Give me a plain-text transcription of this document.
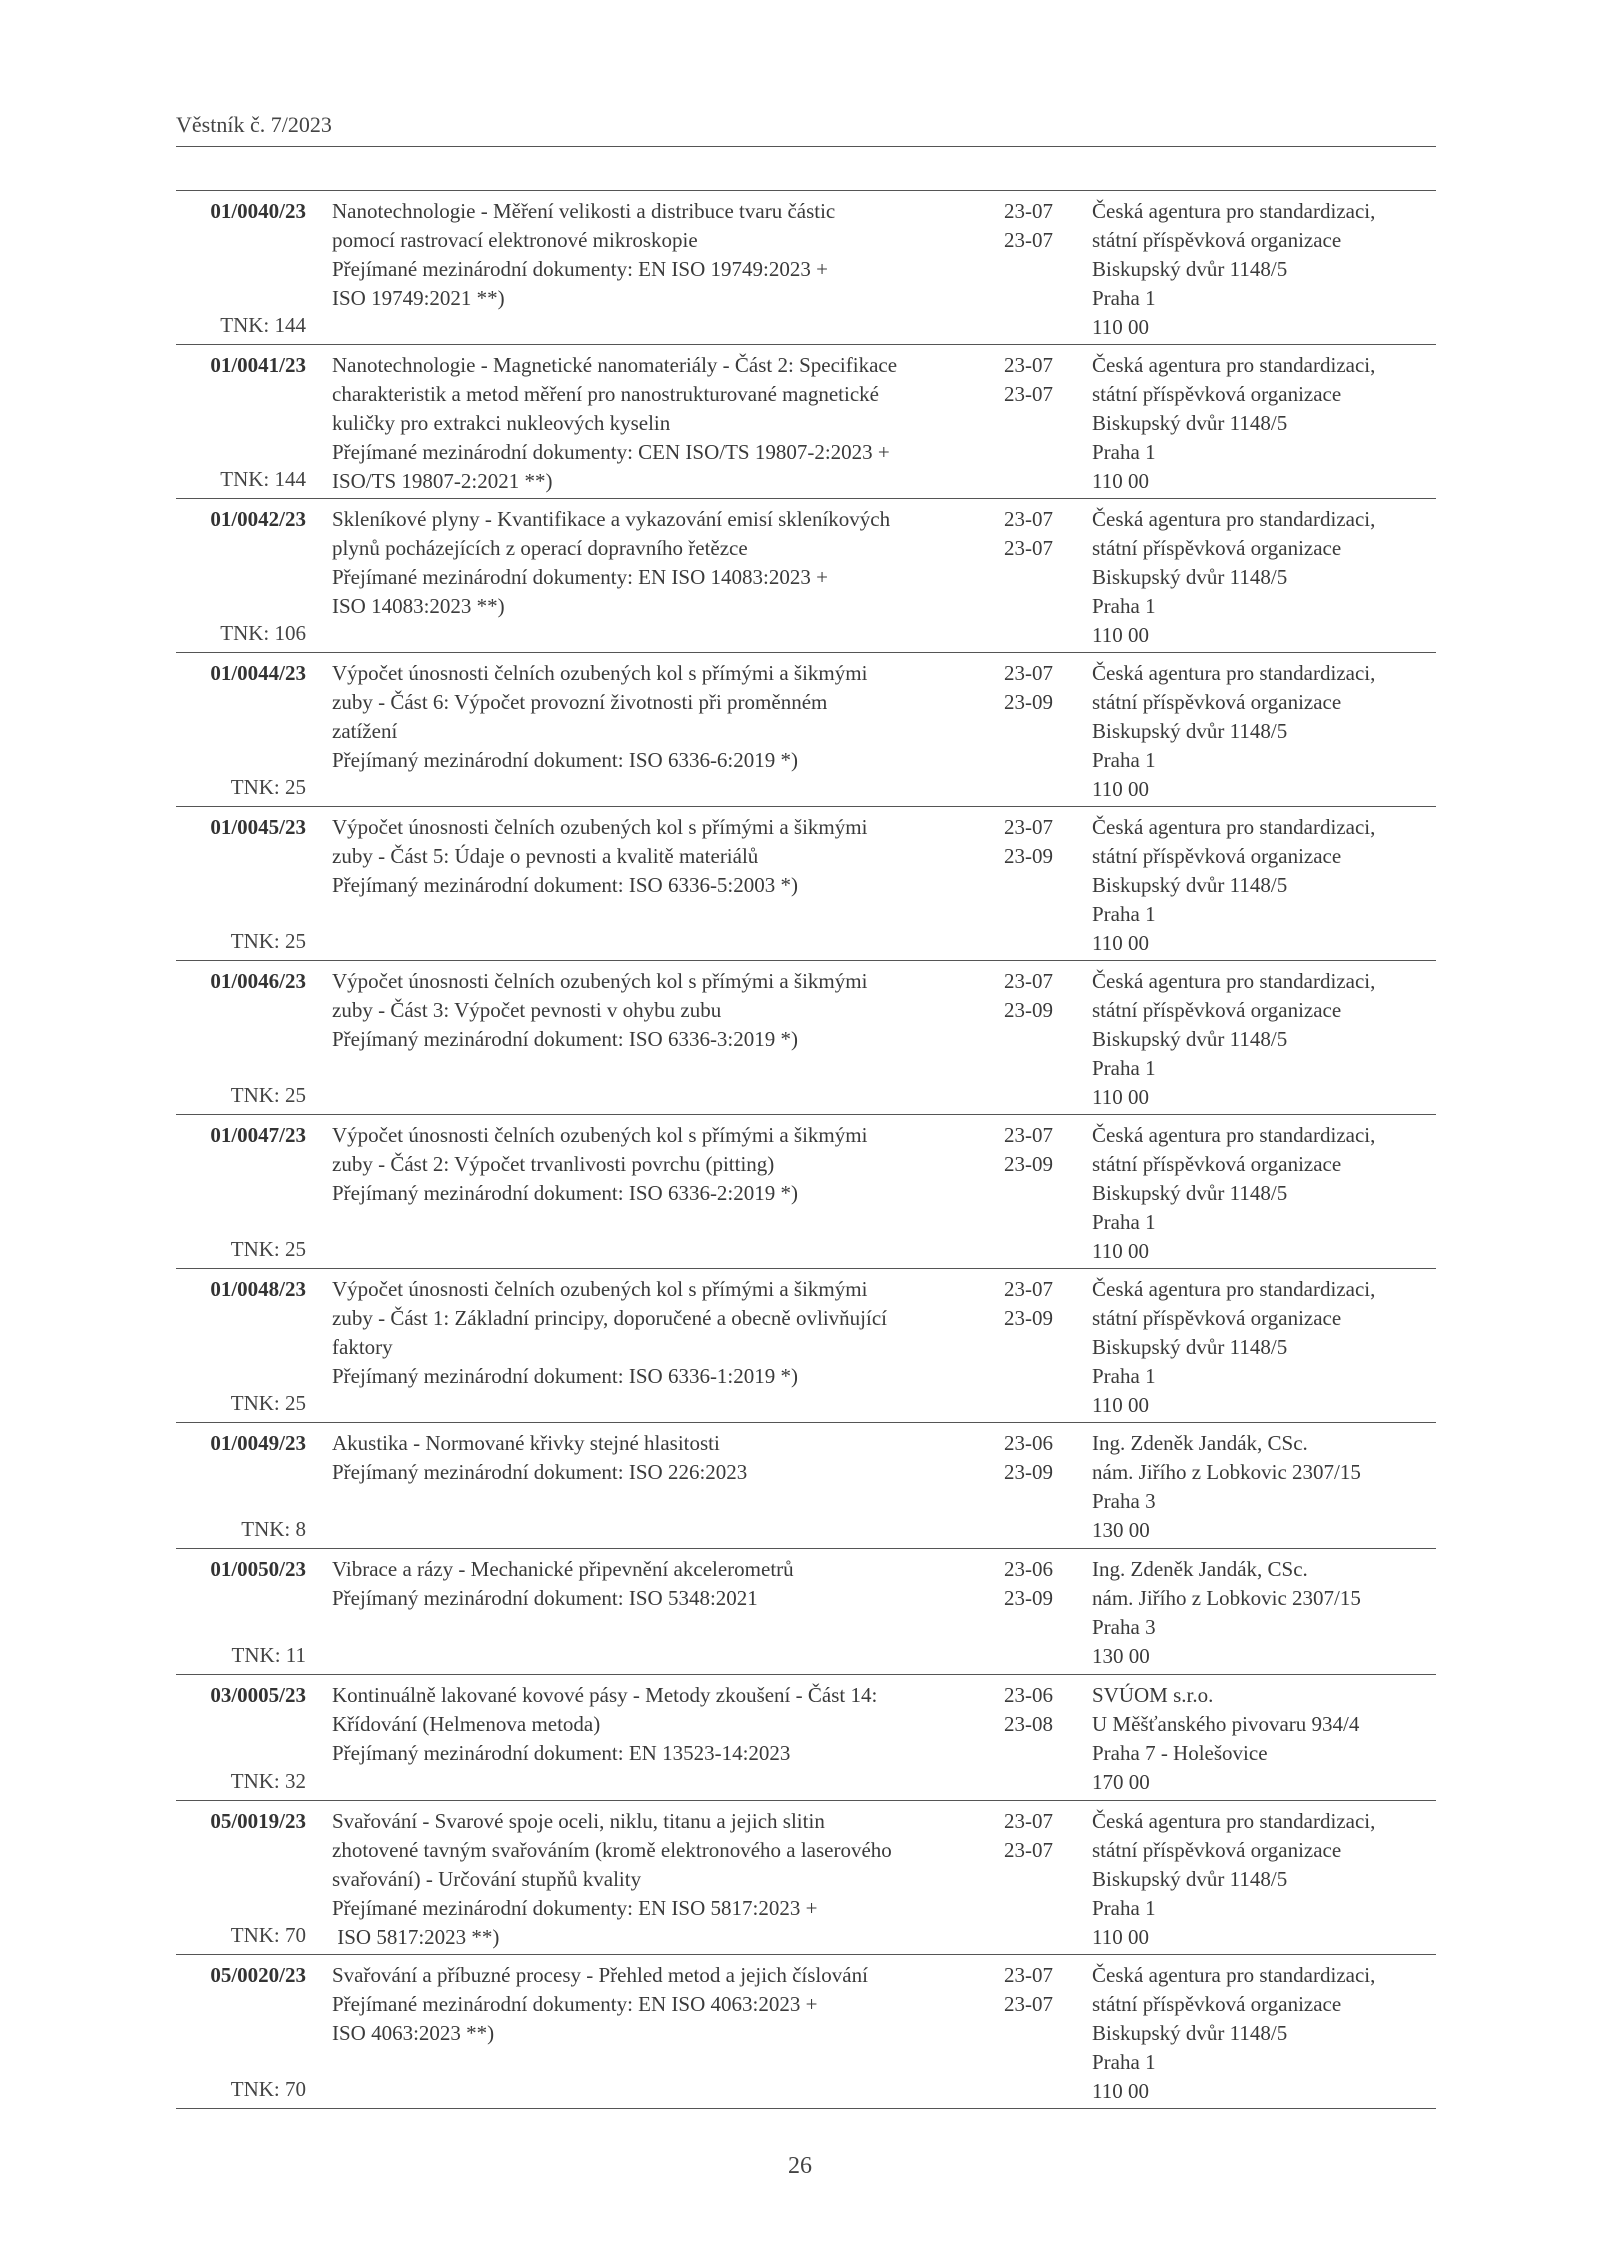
Věstník č. 7/2023
01/0040/23
TNK: 144
Nanotechnologie - Měření velikosti a distribuce tvaru částic
pomocí rastrovací elektronové mikroskopie
Přejímané mezinárodní dokumenty: EN ISO 19749:2023 +
ISO 19749:2021 **)
23-07
23-07
Česká agentura pro standardizaci,
státní příspěvková organizace
Biskupský dvůr 1148/5
Praha 1
110 00
01/0041/23
TNK: 144
Nanotechnologie - Magnetické nanomateriály - Část 2: Specifikace
charakteristik a metod měření pro nanostrukturované magnetické
kuličky pro extrakci nukleových kyselin
Přejímané mezinárodní dokumenty: CEN ISO/TS 19807-2:2023 +
ISO/TS 19807-2:2021 **)
23-07
23-07
Česká agentura pro standardizaci,
státní příspěvková organizace
Biskupský dvůr 1148/5
Praha 1
110 00
01/0042/23
TNK: 106
Skleníkové plyny - Kvantifikace a vykazování emisí skleníkových
plynů pocházejících z operací dopravního řetězce
Přejímané mezinárodní dokumenty: EN ISO 14083:2023 +
ISO 14083:2023 **)
23-07
23-07
Česká agentura pro standardizaci,
státní příspěvková organizace
Biskupský dvůr 1148/5
Praha 1
110 00
01/0044/23
TNK: 25
Výpočet únosnosti čelních ozubených kol s přímými a šikmými
zuby - Část 6: Výpočet provozní životnosti při proměnném
zatížení
Přejímaný mezinárodní dokument: ISO 6336-6:2019 *)
23-07
23-09
Česká agentura pro standardizaci,
státní příspěvková organizace
Biskupský dvůr 1148/5
Praha 1
110 00
01/0045/23
TNK: 25
Výpočet únosnosti čelních ozubených kol s přímými a šikmými
zuby - Část 5: Údaje o pevnosti a kvalitě materiálů
Přejímaný mezinárodní dokument: ISO 6336-5:2003 *)
23-07
23-09
Česká agentura pro standardizaci,
státní příspěvková organizace
Biskupský dvůr 1148/5
Praha 1
110 00
01/0046/23
TNK: 25
Výpočet únosnosti čelních ozubených kol s přímými a šikmými
zuby - Část 3: Výpočet pevnosti v ohybu zubu
Přejímaný mezinárodní dokument: ISO 6336-3:2019 *)
23-07
23-09
Česká agentura pro standardizaci,
státní příspěvková organizace
Biskupský dvůr 1148/5
Praha 1
110 00
01/0047/23
TNK: 25
Výpočet únosnosti čelních ozubených kol s přímými a šikmými
zuby - Část 2: Výpočet trvanlivosti povrchu (pitting)
Přejímaný mezinárodní dokument: ISO 6336-2:2019 *)
23-07
23-09
Česká agentura pro standardizaci,
státní příspěvková organizace
Biskupský dvůr 1148/5
Praha 1
110 00
01/0048/23
TNK: 25
Výpočet únosnosti čelních ozubených kol s přímými a šikmými
zuby - Část 1: Základní principy, doporučené a obecně ovlivňující
faktory
Přejímaný mezinárodní dokument: ISO 6336-1:2019 *)
23-07
23-09
Česká agentura pro standardizaci,
státní příspěvková organizace
Biskupský dvůr 1148/5
Praha 1
110 00
01/0049/23
TNK: 8
Akustika - Normované křivky stejné hlasitosti
Přejímaný mezinárodní dokument: ISO 226:2023
23-06
23-09
Ing. Zdeněk Jandák, CSc.
nám. Jiřího z Lobkovic 2307/15
Praha 3
130 00
01/0050/23
TNK: 11
Vibrace a rázy - Mechanické připevnění akcelerometrů
Přejímaný mezinárodní dokument: ISO 5348:2021
23-06
23-09
Ing. Zdeněk Jandák, CSc.
nám. Jiřího z Lobkovic 2307/15
Praha 3
130 00
03/0005/23
TNK: 32
Kontinuálně lakované kovové pásy - Metody zkoušení - Část 14:
Křídování (Helmenova metoda)
Přejímaný mezinárodní dokument: EN 13523-14:2023
23-06
23-08
SVÚOM s.r.o.
U Měšťanského pivovaru 934/4
Praha 7 - Holešovice
170 00
05/0019/23
TNK: 70
Svařování - Svarové spoje oceli, niklu, titanu a jejich slitin
zhotovené tavným svařováním (kromě elektronového a laserového
svařování) - Určování stupňů kvality
Přejímané mezinárodní dokumenty: EN ISO 5817:2023 +
ISO 5817:2023 **)
23-07
23-07
Česká agentura pro standardizaci,
státní příspěvková organizace
Biskupský dvůr 1148/5
Praha 1
110 00
05/0020/23
TNK: 70
Svařování a příbuzné procesy - Přehled metod a jejich číslování
Přejímané mezinárodní dokumenty: EN ISO 4063:2023 +
ISO 4063:2023 **)
23-07
23-07
Česká agentura pro standardizaci,
státní příspěvková organizace
Biskupský dvůr 1148/5
Praha 1
110 00
26
